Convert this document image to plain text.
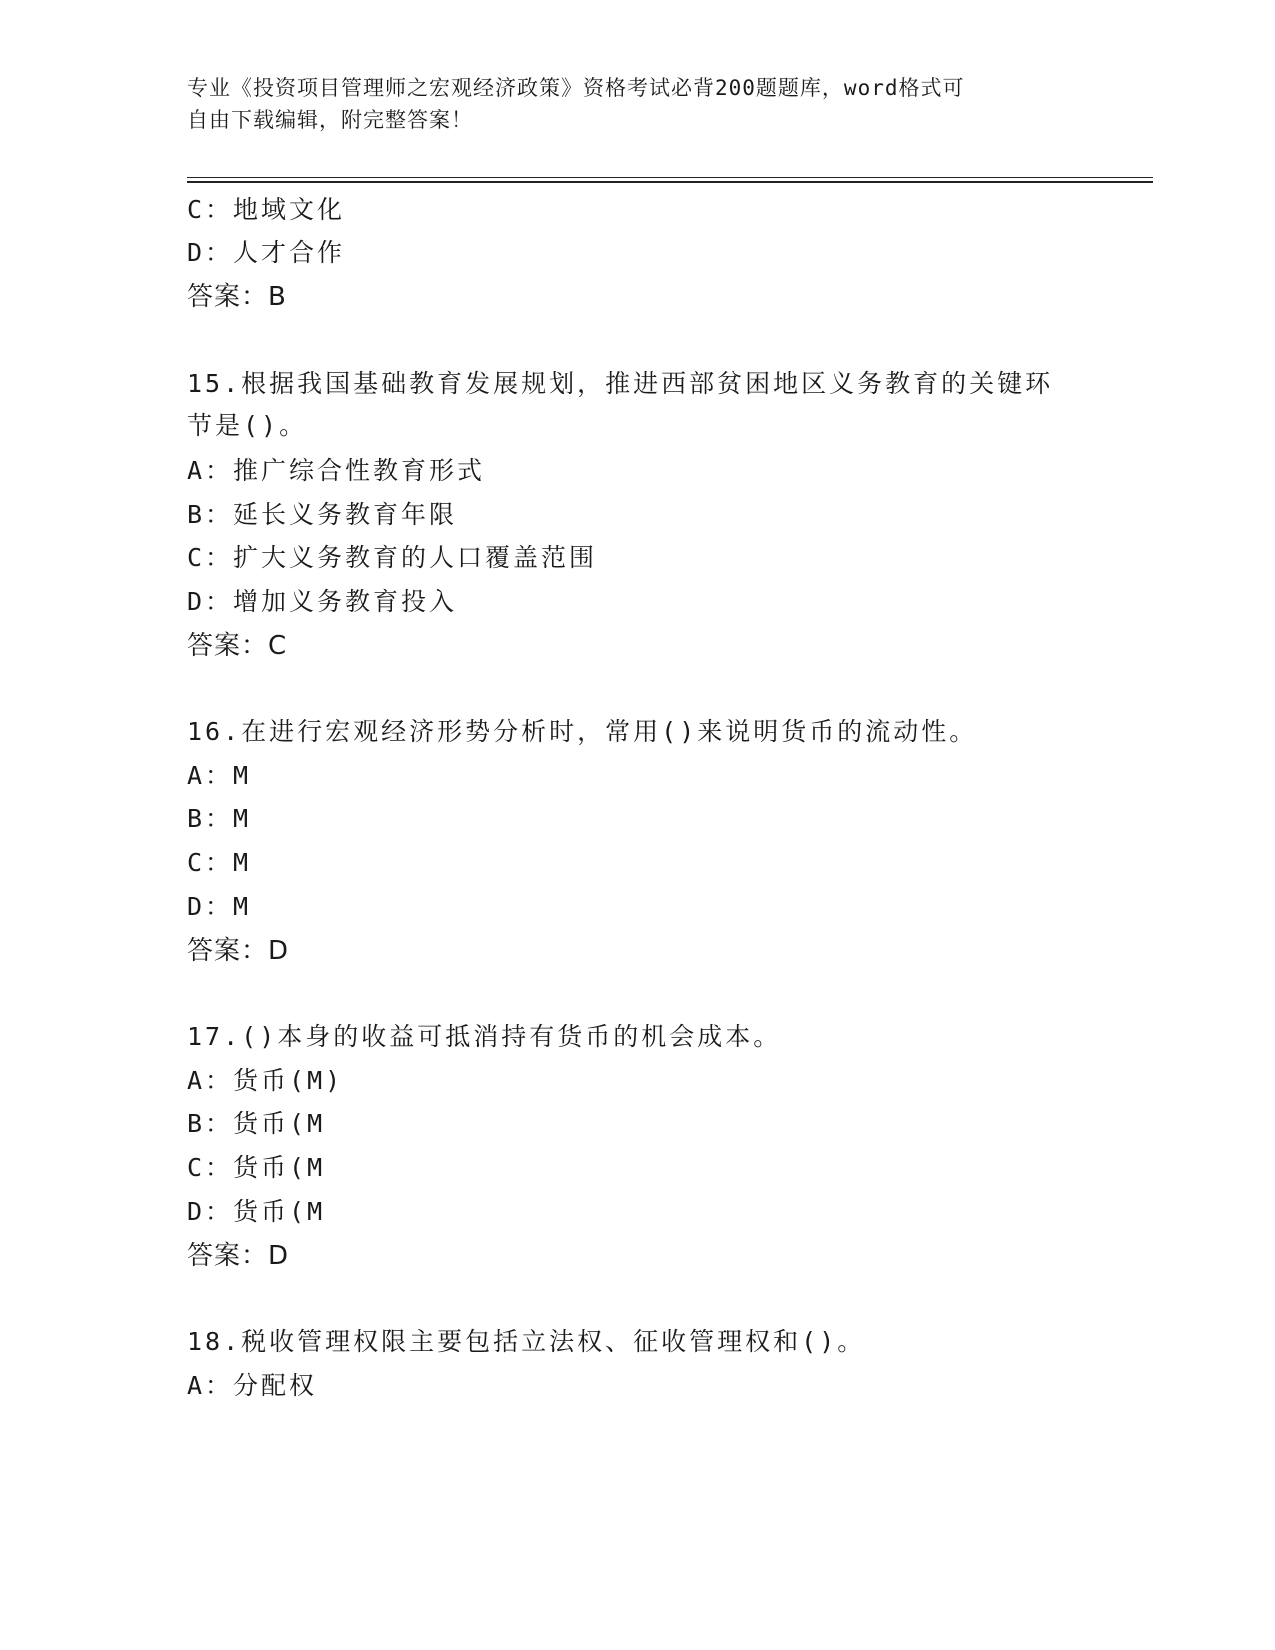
专业《投资项目管理师之宏观经济政策》资格考试必背200题题库，word格式可
自由下载编辑，附完整答案！
C：地域文化
D：人才合作
答案：B
15.根据我国基础教育发展规划，推进西部贫困地区义务教育的关键环
节是()。
A：推广综合性教育形式
B：延长义务教育年限
C：扩大义务教育的人口覆盖范围
D：增加义务教育投入
答案：C
16.在进行宏观经济形势分析时，常用()来说明货币的流动性。
A：M
B：M
C：M
D：M
答案：D
17.()本身的收益可抵消持有货币的机会成本。
A：货币(M)
B：货币(M
C：货币(M
D：货币(M
答案：D
18.税收管理权限主要包括立法权、征收管理权和()。
A：分配权
